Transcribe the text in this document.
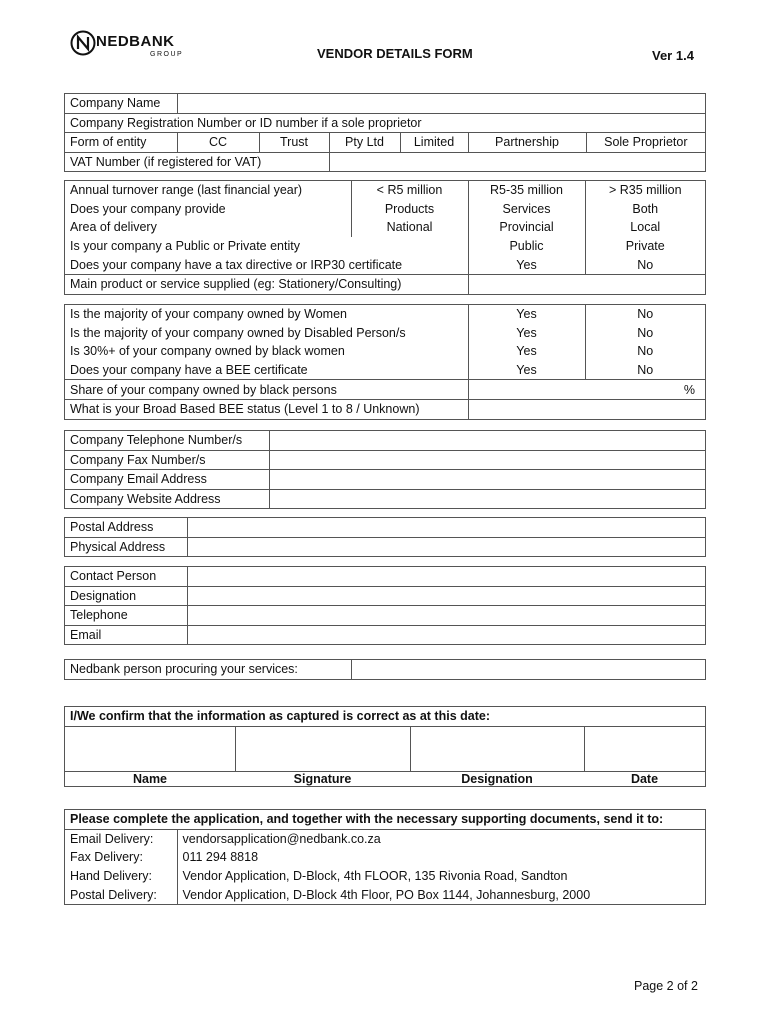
NEDBANK
GROUP	VENDOR DETAILS FORM	Ver 1.4
Company Name						
Company Registration Number or ID number if a sole proprietor						
Form of entity		CC	Trust	Pty Ltd	Limited	Partnership	Sole Proprietor
VAT Number (if registered for VAT)						
Annual turnover range (last financial year)	< R5 million	R5-35 million	> R35 million
Does your company provide	Products	Services	Both
Area of delivery	National	Provincial	Local
Is your company a Public or Private entity		Public	Private
Does your company have a tax directive or IRP30 certificate		Yes	No
Main product or service supplied (eg: Stationery/Consulting)			
Is the majority of your company owned by Women	Yes	No
Is the majority of your company owned by Disabled Person/s	Yes	No
Is 30%+ of your company owned by black women	Yes	No
Does your company have a BEE certificate	Yes	No
Share of your company owned by black persons	%	
What is your Broad Based BEE status (Level 1 to 8 / Unknown)		
Company Telephone Number/s	
Company Fax Number/s	
Company Email Address	
Company Website Address	
Postal Address	
Physical Address	
Contact Person	
Designation	
Telephone	
Email	
Nedbank person procuring your services:	
I/We confirm that the information as captured is correct as at this date:			

Name	Signature	Designation	Date
Please complete the application, and together with the necessary supporting documents, send it to:	
Email Delivery:	vendorsapplication@nedbank.co.za
Fax Delivery:	011 294 8818
Hand Delivery:	Vendor Application, D-Block, 4th FLOOR, 135 Rivonia Road, Sandton
Postal Delivery:	Vendor Application, D-Block 4th Floor, PO Box 1144, Johannesburg, 2000
Page 2 of 2
